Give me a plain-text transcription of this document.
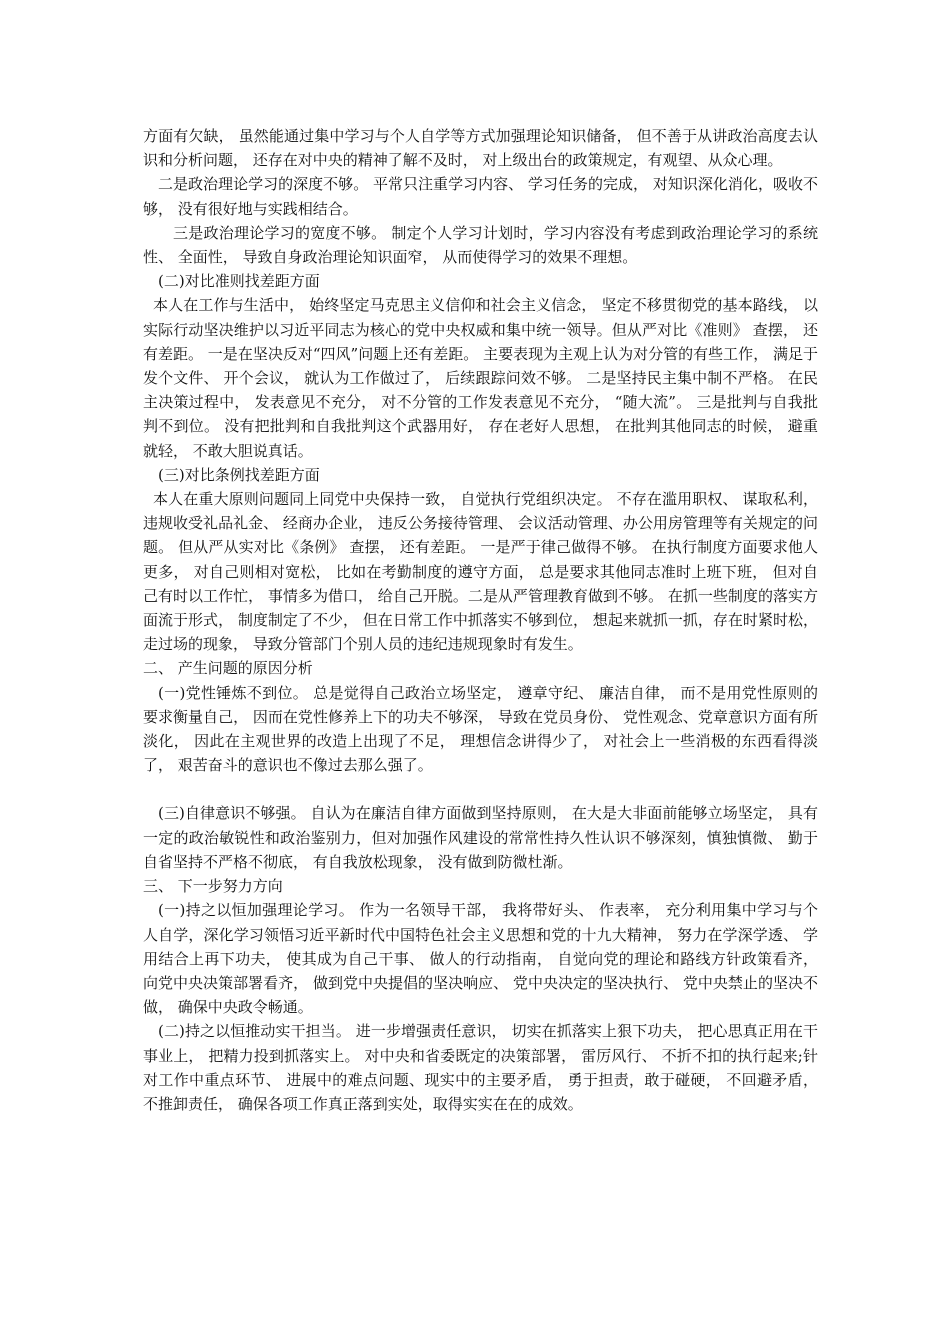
方面有欠缺， 虽然能通过集中学习与个人自学等方式加强理论知识储备， 但不善于从讲政治高度去认识和分析问题， 还存在对中央的精神了解不及时， 对上级出台的政策规定，有观望、从众心理。

二是政治理论学习的深度不够。 平常只注重学习内容、 学习任务的完成， 对知识深化消化，吸收不够， 没有很好地与实践相结合。

三是政治理论学习的宽度不够。 制定个人学习计划时，学习内容没有考虑到政治理论学习的系统性、 全面性， 导致自身政治理论知识面窄， 从而使得学习的效果不理想。

(二)对比准则找差距方面

本人在工作与生活中， 始终坚定马克思主义信仰和社会主义信念， 坚定不移贯彻党的基本路线， 以实际行动坚决维护以习近平同志为核心的党中央权威和集中统一领导。但从严对比《准则》 查摆， 还有差距。 一是在坚决反对“四风”问题上还有差距。 主要表现为主观上认为对分管的有些工作， 满足于发个文件、 开个会议， 就认为工作做过了， 后续跟踪问效不够。 二是坚持民主集中制不严格。 在民主决策过程中， 发表意见不充分， 对不分管的工作发表意见不充分， “随大流”。 三是批判与自我批判不到位。 没有把批判和自我批判这个武器用好， 存在老好人思想， 在批判其他同志的时候， 避重就轻， 不敢大胆说真话。

(三)对比条例找差距方面

本人在重大原则问题同上同党中央保持一致， 自觉执行党组织决定。 不存在滥用职权、 谋取私利， 违规收受礼品礼金、 经商办企业， 违反公务接待管理、 会议活动管理、办公用房管理等有关规定的问题。 但从严从实对比《条例》 查摆， 还有差距。 一是严于律己做得不够。 在执行制度方面要求他人更多， 对自己则相对宽松， 比如在考勤制度的遵守方面， 总是要求其他同志准时上班下班， 但对自己有时以工作忙， 事情多为借口， 给自己开脱。二是从严管理教育做到不够。 在抓一些制度的落实方面流于形式， 制度制定了不少， 但在日常工作中抓落实不够到位， 想起来就抓一抓，存在时紧时松， 走过场的现象， 导致分管部门个别人员的违纪违规现象时有发生。

二、 产生问题的原因分析

(一)党性锤炼不到位。 总是觉得自己政治立场坚定， 遵章守纪、 廉洁自律， 而不是用党性原则的要求衡量自己， 因而在党性修养上下的功夫不够深， 导致在党员身份、 党性观念、党章意识方面有所淡化， 因此在主观世界的改造上出现了不足， 理想信念讲得少了， 对社会上一些消极的东西看得淡了， 艰苦奋斗的意识也不像过去那么强了。

(三)自律意识不够强。 自认为在廉洁自律方面做到坚持原则， 在大是大非面前能够立场坚定， 具有一定的政治敏锐性和政治鉴别力，但对加强作风建设的常常性持久性认识不够深刻，慎独慎微、 勤于自省坚持不严格不彻底， 有自我放松现象， 没有做到防微杜渐。

三、 下一步努力方向

(一)持之以恒加强理论学习。 作为一名领导干部， 我将带好头、 作表率， 充分利用集中学习与个人自学，深化学习领悟习近平新时代中国特色社会主义思想和党的十九大精神， 努力在学深学透、 学用结合上再下功夫， 使其成为自己干事、 做人的行动指南， 自觉向党的理论和路线方针政策看齐， 向党中央决策部署看齐， 做到党中央提倡的坚决响应、 党中央决定的坚决执行、 党中央禁止的坚决不做， 确保中央政令畅通。

(二)持之以恒推动实干担当。 进一步增强责任意识， 切实在抓落实上狠下功夫， 把心思真正用在干事业上， 把精力投到抓落实上。 对中央和省委既定的决策部署， 雷厉风行、 不折不扣的执行起来;针对工作中重点环节、 进展中的难点问题、现实中的主要矛盾， 勇于担责，敢于碰硬， 不回避矛盾， 不推卸责任， 确保各项工作真正落到实处，取得实实在在的成效。
